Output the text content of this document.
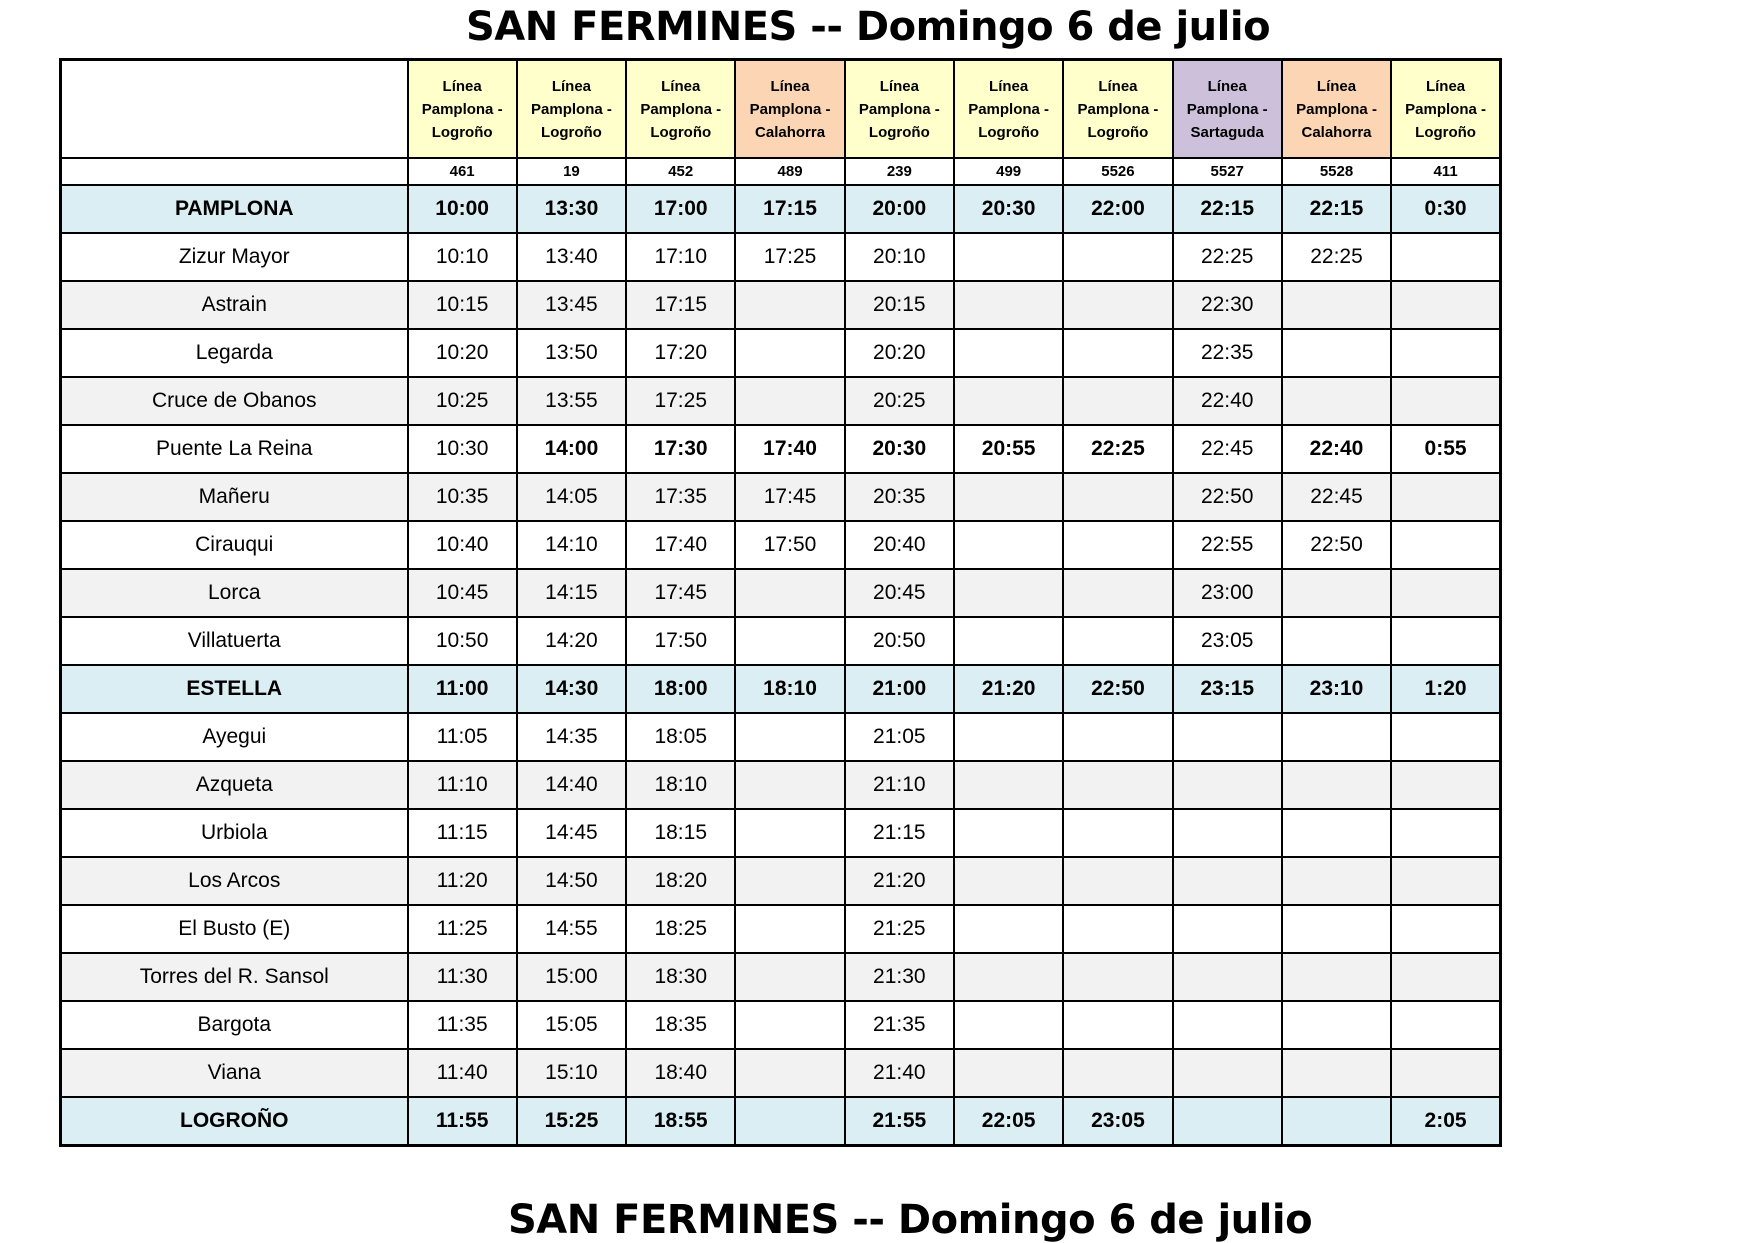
SAN FERMINES -- Domingo 6 de julio

	Línea Pamplona - Logroño	Línea Pamplona - Logroño	Línea Pamplona - Logroño	Línea Pamplona - Calahorra	Línea Pamplona - Logroño	Línea Pamplona - Logroño	Línea Pamplona - Logroño	Línea Pamplona - Sartaguda	Línea Pamplona - Calahorra	Línea Pamplona - Logroño

	461	19	452	489	239	499	5526	5527	5528	411
PAMPLONA	10:00	13:30	17:00	17:15	20:00	20:30	22:00	22:15	22:15	0:30
Zizur Mayor	10:10	13:40	17:10	17:25	20:10			22:25	22:25	
Astrain	10:15	13:45	17:15		20:15			22:30		
Legarda	10:20	13:50	17:20		20:20			22:35		
Cruce de Obanos	10:25	13:55	17:25		20:25			22:40		
Puente La Reina	10:30	14:00	17:30	17:40	20:30	20:55	22:25	22:45	22:40	0:55
Mañeru	10:35	14:05	17:35	17:45	20:35			22:50	22:45	
Cirauqui	10:40	14:10	17:40	17:50	20:40			22:55	22:50	
Lorca	10:45	14:15	17:45		20:45			23:00		
Villatuerta	10:50	14:20	17:50		20:50			23:05		
ESTELLA	11:00	14:30	18:00	18:10	21:00	21:20	22:50	23:15	23:10	1:20
Ayegui	11:05	14:35	18:05		21:05					
Azqueta	11:10	14:40	18:10		21:10					
Urbiola	11:15	14:45	18:15		21:15					
Los Arcos	11:20	14:50	18:20		21:20					
El Busto (E)	11:25	14:55	18:25		21:25					
Torres del R. Sansol	11:30	15:00	18:30		21:30					
Bargota	11:35	15:05	18:35		21:35					
Viana	11:40	15:10	18:40		21:40					
LOGROÑO	11:55	15:25	18:55		21:55	22:05	23:05			2:05
SAN FERMINES -- Domingo 6 de julio
